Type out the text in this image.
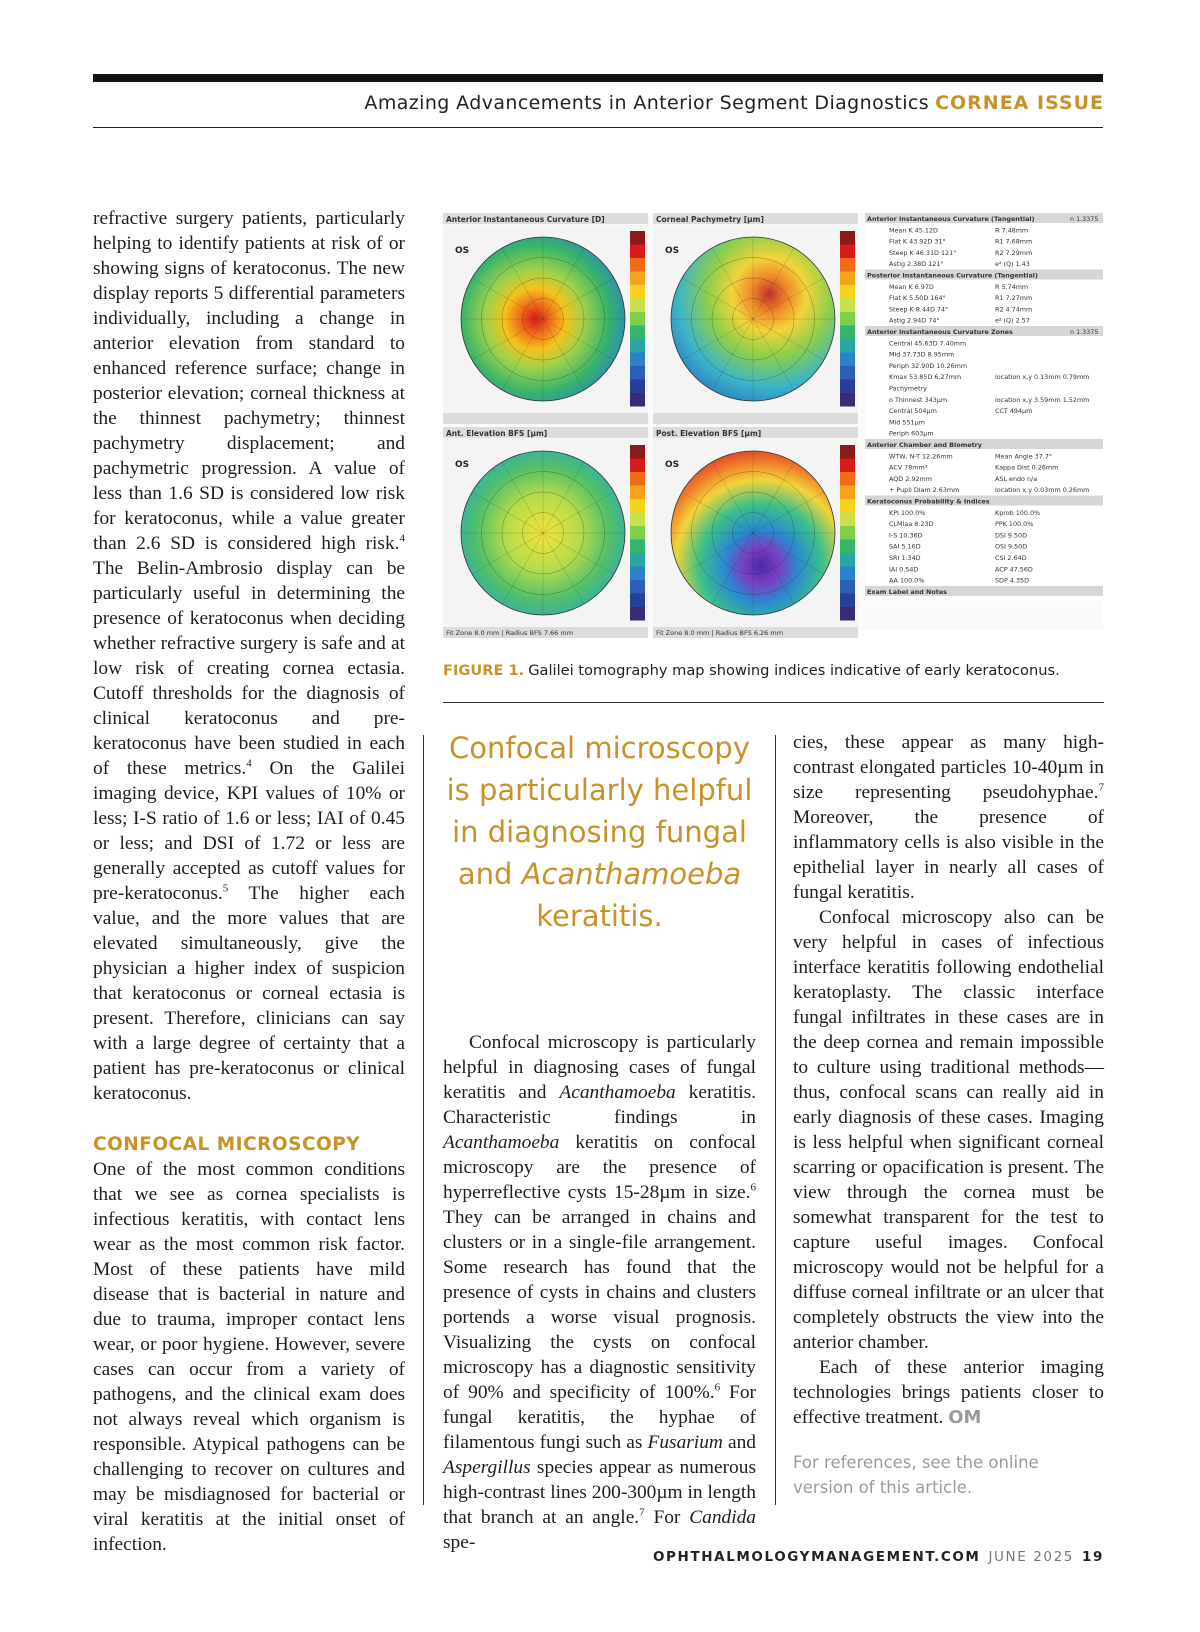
Amazing Advancements in Anterior Segment Diagnostics CORNEA ISSUE

refractive surgery patients, particularly helping to identify patients at risk of or showing signs of keratoconus. The new display reports 5 differential parameters individually, including a change in anterior elevation from standard to enhanced reference surface; change in posterior elevation; corneal thickness at the thinnest pachymetry; thinnest pachymetry displacement; and pachymetric progression. A value of less than 1.6 SD is considered low risk for keratoconus, while a value greater than 2.6 SD is considered high risk.$^4$ The Belin-Ambrosio display can be particularly useful in determining the presence of keratoconus when deciding whether refractive surgery is safe and at low risk of creating cornea ectasia. Cutoff thresholds for the diagnosis of clinical keratoconus and pre-keratoconus have been studied in each of these metrics.$^4$ On the Galilei imaging device, KPI values of 10% or less; I-S ratio of 1.6 or less; IAI of 0.45 or less; and DSI of 1.72 or less are generally accepted as cutoff values for pre-keratoconus.$^5$ The higher each value, and the more values that are elevated simultaneously, give the physician a higher index of suspicion that keratoconus or corneal ectasia is present. Therefore, clinicians can say with a large degree of certainty that a patient has pre-keratoconus or clinical keratoconus.

CONFOCAL MICROSCOPY

One of the most common conditions that we see as cornea specialists is infectious keratitis, with contact lens wear as the most common risk factor. Most of these patients have mild disease that is bacterial in nature and due to trauma, improper contact lens wear, or poor hygiene. However, severe cases can occur from a variety of pathogens, and the clinical exam does not always reveal which organism is responsible. Atypical pathogens can be challenging to recover on cultures and may be misdiagnosed for bacterial or viral keratitis at the initial onset of infection.

Anterior Instantaneous Curvature [D]
OS
Corneal Pachymetry [µm]
OS
Ant. Elevation BFS [µm]
Fit Zone 8.0 mm | Radius BFS 7.66 mm
OS
Post. Elevation BFS [µm]
Fit Zone 8.0 mm | Radius BFS 6.26 mm
OS
Anterior Instantaneous Curvature (Tangential)	n 1.3375
Mean K 45.12D	R 7.48mm
Flat K 43.92D 31°	R1 7.68mm
Steep K 46.31D 121°	R2 7.29mm
Astig 2.38D 121°	e² (Q) 1.43
Posterior Instantaneous Curvature (Tangential)
Mean K 6.97D	R 5.74mm
Flat K 5.50D 164°	R1 7.27mm
Steep K 8.44D 74°	R2 4.74mm
Astig 2.94D 74°	e² (Q) 2.57
Anterior Instantaneous Curvature Zones	n 1.3375
Central 45.63D 7.40mm
Mid 37.73D 8.95mm
Periph 32.90D 10.26mm
Kmax 53.85D 6.27mm	location x,y 0.13mm 0.79mm
Pachymetry
o Thinnest 343µm	location x,y 3.59mm 1.52mm
Central 504µm	CCT 494µm
Mid 551µm
Periph 603µm
Anterior Chamber and Biometry
WTW, N-T 12.26mm	Mean Angle 37.7°
ACV 78mm³	Kappa Dist 0.26mm
AQD 2.92mm	ASL endo n/a
+ Pupil Diam 2.63mm	location x,y 0.03mm 0.26mm
Keratoconus Probability & Indices
KPI 100.0%	Kprob 100.0%
CLMIaa 8.23D	PPK 100.0%
I-S 10.36D	DSI 9.50D
SAI 5.16D	OSI 9.50D
SRI 1.34D	CSI 2.64D
IAI 0.54D	ACP 47.56D
AA 100.0%	SDP 4.35D
Exam Label and Notes
FIGURE 1. Galilei tomography map showing indices indicative of early keratoconus.
Confocal microscopy is particularly helpful in diagnosing fungal and Acanthamoeba keratitis.

Confocal microscopy is particularly helpful in diagnosing cases of fungal keratitis and Acanthamoeba keratitis. Characteristic findings in Acanthamoeba keratitis on confocal microscopy are the presence of hyperreflective cysts 15-28µm in size.$^6$ They can be arranged in chains and clusters or in a single-file arrangement. Some research has found that the presence of cysts in chains and clusters portends a worse visual prognosis. Visualizing the cysts on confocal microscopy has a diagnostic sensitivity of 90% and specificity of 100%.$^6$ For fungal keratitis, the hyphae of filamentous fungi such as Fusarium and Aspergillus species appear as numerous high-contrast lines 200-300µm in length that branch at an angle.$^7$ For Candida spe-

cies, these appear as many high-contrast elongated particles 10-40µm in size representing pseudohyphae.$^7$ Moreover, the presence of inflammatory cells is also visible in the epithelial layer in nearly all cases of fungal keratitis.

Confocal microscopy also can be very helpful in cases of infectious interface keratitis following endothelial keratoplasty. The classic interface fungal infiltrates in these cases are in the deep cornea and remain impossible to culture using traditional methods—thus, confocal scans can really aid in early diagnosis of these cases. Imaging is less helpful when significant corneal scarring or opacification is present. The view through the cornea must be somewhat transparent for the test to capture useful images. Confocal microscopy would not be helpful for a diffuse corneal infiltrate or an ulcer that completely obstructs the view into the anterior chamber.

Each of these anterior imaging technologies brings patients closer to effective treatment. OM

For references, see the online version of this article.
OPHTHALMOLOGYMANAGEMENT.COM JUNE 2025 19
